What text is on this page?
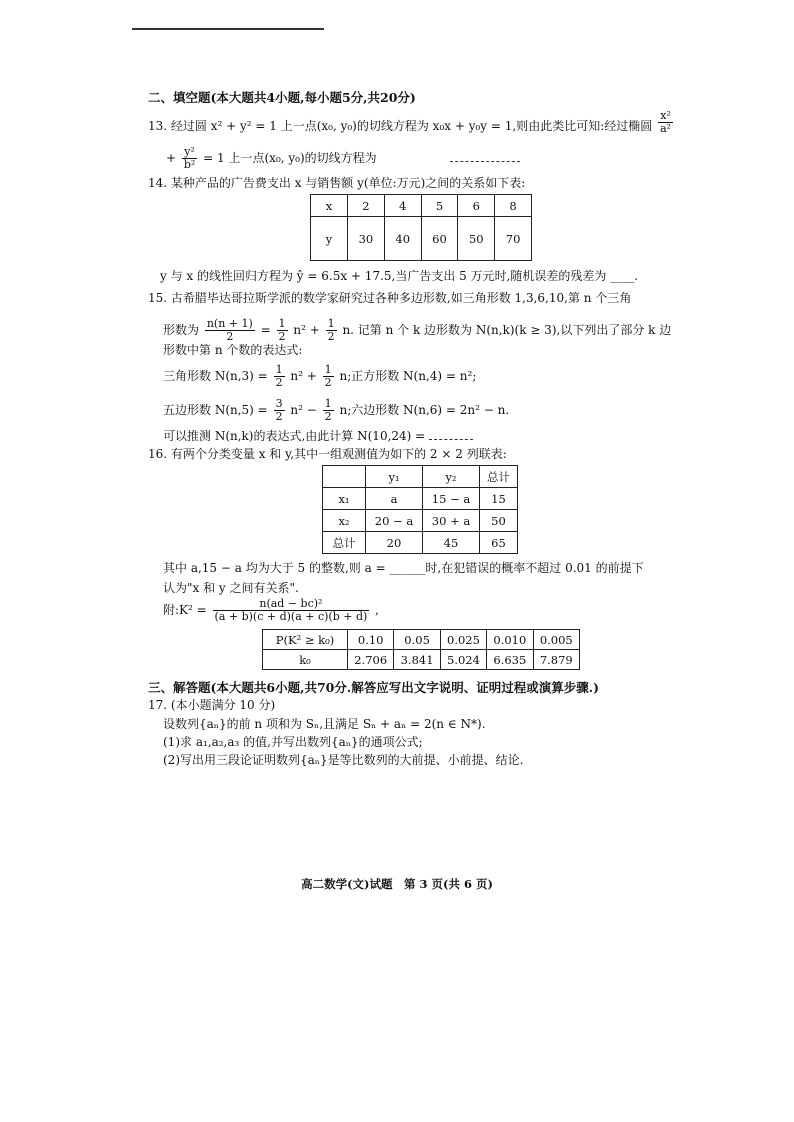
二、填空题(本大题共4小题,每小题5分,共20分)
13. 经过圆 x² + y² = 1 上一点(x₀, y₀)的切线方程为 x₀x + y₀y = 1,则由此类比可知:经过椭圆 $\frac{\text{x²}}{\text{a²}}$
+ $\frac{\text{y²}}{\text{b²}} = 1$ 上一点(x₀, y₀)的切线方程为
14. 某种产品的广告费支出 x 与销售额 y(单位:万元)之间的关系如下表:
x	2	4	5	6	8
y	30	40	60	50	70
y 与 x 的线性回归方程为 ŷ = 6.5x + 17.5,当广告支出 5 万元时,随机误差的残差为 ____.
15. 古希腊毕达哥拉斯学派的数学家研究过各种多边形数,如三角形数 1,3,6,10,第 n 个三角
形数为 $\frac{n(n + 1)}{2} = \frac{1}{2} n^2 + \frac{1}{2} n$. 记第 n 个 k 边形数为 N(n,k)(k ≥ 3),以下列出了部分 k 边
形数中第 n 个数的表达式:
三角形数 $N(n,3) = \frac{1}{2} n^2 + \frac{1}{2} n$;正方形数 N(n,4) = n²;
五边形数 $N(n,5) = \frac{3}{2} n^2 - \frac{1}{2} n$;六边形数 N(n,6) = 2n² − n.
可以推测 N(n,k)的表达式,由此计算 N(10,24) =
16. 有两个分类变量 x 和 y,其中一组观测值为如下的 2 × 2 列联表:
	y₁	y₂	总计
x₁	a	15 − a	15
x₂	20 − a	30 + a	50
总计	20	45	65
其中 a,15 − a 均为大于 5 的整数,则 a = ______时,在犯错误的概率不超过 0.01 的前提下
认为"x 和 y 之间有关系".
附:K² = $\frac{\text{n(ad − bc)²}}{(a + b)(c + d)(a + c)(b + d)}$ ,
P(K² ≥ k₀)	0.10	0.05	0.025	0.010	0.005
k₀	2.706	3.841	5.024	6.635	7.879
三、解答题(本大题共6小题,共70分.解答应写出文字说明、证明过程或演算步骤.)
17. (本小题满分 10 分)
设数列{aₙ}的前 n 项和为 Sₙ,且满足 Sₙ + aₙ = 2(n ∈ N*).
(1)求 a₁,a₂,a₃ 的值,并写出数列{aₙ}的通项公式;
(2)写出用三段论证明数列{aₙ}是等比数列的大前提、小前提、结论.
高二数学(文)试题　第 3 页(共 6 页)
